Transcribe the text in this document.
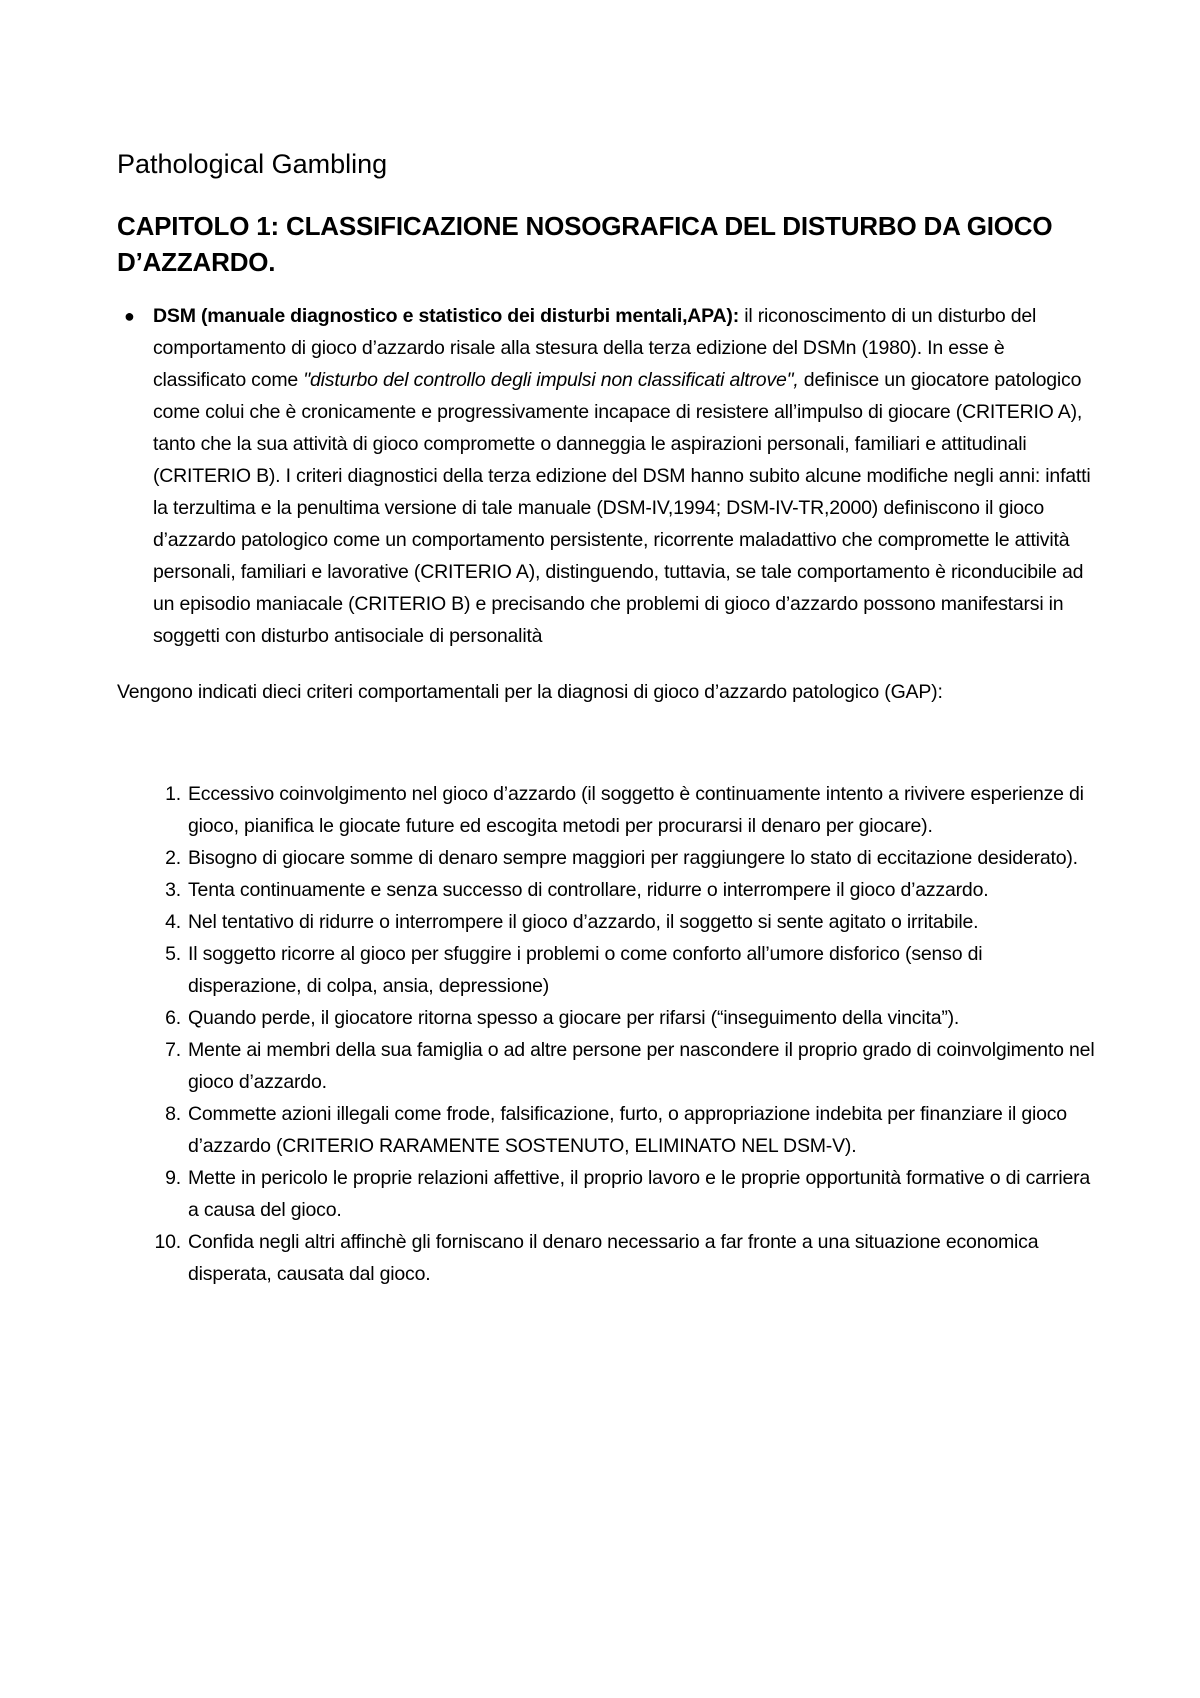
Pathological Gambling
CAPITOLO 1: CLASSIFICAZIONE NOSOGRAFICA DEL DISTURBO DA GIOCO D’AZZARDO.
● DSM (manuale diagnostico e statistico dei disturbi mentali,APA): il riconoscimento di un disturbo del comportamento di gioco d’azzardo risale alla stesura della terza edizione del DSMn (1980). In esse è classificato come "disturbo del controllo degli impulsi non classificati altrove", definisce un giocatore patologico come colui che è cronicamente e progressivamente incapace di resistere all’impulso di giocare (CRITERIO A), tanto che la sua attività di gioco compromette o danneggia le aspirazioni personali, familiari e attitudinali (CRITERIO B). I criteri diagnostici della terza edizione del DSM hanno subito alcune modifiche negli anni: infatti la terzultima e la penultima versione di tale manuale (DSM-IV,1994; DSM-IV-TR,2000) definiscono il gioco d’azzardo patologico come un comportamento persistente, ricorrente maladattivo che compromette le attività personali, familiari e lavorative (CRITERIO A), distinguendo, tuttavia, se tale comportamento è riconducibile ad un episodio maniacale (CRITERIO B) e precisando che problemi di gioco d’azzardo possono manifestarsi in soggetti con disturbo antisociale di personalità

Vengono indicati dieci criteri comportamentali per la diagnosi di gioco d’azzardo patologico (GAP):

1. Eccessivo coinvolgimento nel gioco d’azzardo (il soggetto è continuamente intento a rivivere esperienze di gioco, pianifica le giocate future ed escogita metodi per procurarsi il denaro per giocare).
2. Bisogno di giocare somme di denaro sempre maggiori per raggiungere lo stato di eccitazione desiderato).
3. Tenta continuamente e senza successo di controllare, ridurre o interrompere il gioco d’azzardo.
4. Nel tentativo di ridurre o interrompere il gioco d’azzardo, il soggetto si sente agitato o irritabile.
5. Il soggetto ricorre al gioco per sfuggire i problemi o come conforto all’umore disforico (senso di disperazione, di colpa, ansia, depressione)
6. Quando perde, il giocatore ritorna spesso a giocare per rifarsi (“inseguimento della vincita”).
7. Mente ai membri della sua famiglia o ad altre persone per nascondere il proprio grado di coinvolgimento nel gioco d’azzardo.
8. Commette azioni illegali come frode, falsificazione, furto, o appropriazione indebita per finanziare il gioco d’azzardo (CRITERIO RARAMENTE SOSTENUTO, ELIMINATO NEL DSM-V).
9. Mette in pericolo le proprie relazioni affettive, il proprio lavoro e le proprie opportunità formative o di carriera a causa del gioco.
10. Confida negli altri affinchè gli forniscano il denaro necessario a far fronte a una situazione economica disperata, causata dal gioco.
